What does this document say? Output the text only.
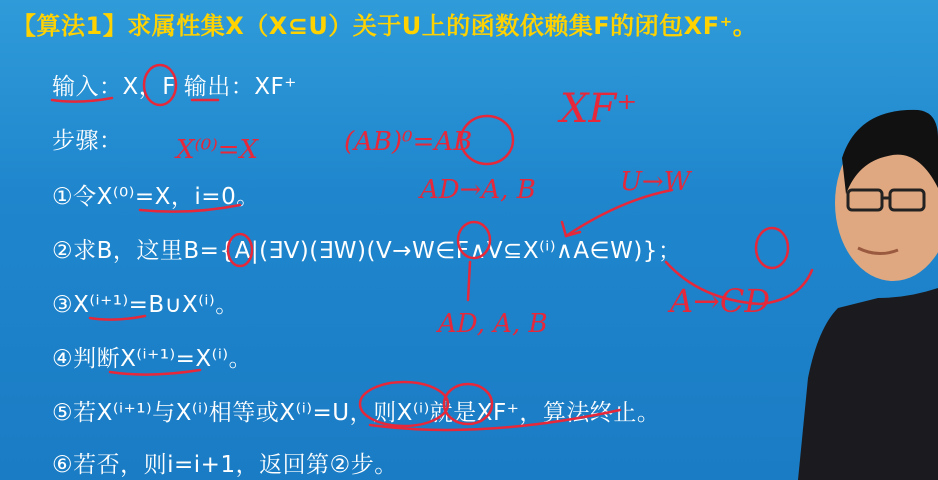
【算法1】求属性集X（X⊆U）关于U上的函数依赖集F的闭包XF⁺。
输入：X，F 输出：XF⁺
步骤：
①令X⁽⁰⁾=X，i=0。
②求B，这里B={A|(∃V)(∃W)(V→W∈F∧V⊆X⁽ⁱ⁾∧A∈W)}；
③X⁽ⁱ⁺¹⁾=B∪X⁽ⁱ⁾。
④判断X⁽ⁱ⁺¹⁾=X⁽ⁱ⁾。
⑤若X⁽ⁱ⁺¹⁾与X⁽ⁱ⁾相等或X⁽ⁱ⁾=U，则X⁽ⁱ⁾就是XF⁺，算法终止。
⑥若否，则i=i+1，返回第②步。
X⁽⁰⁾=X	(AB)⁰=AB
XF⁺
AD→A, B	U→W
AD, A, B
A→CD
